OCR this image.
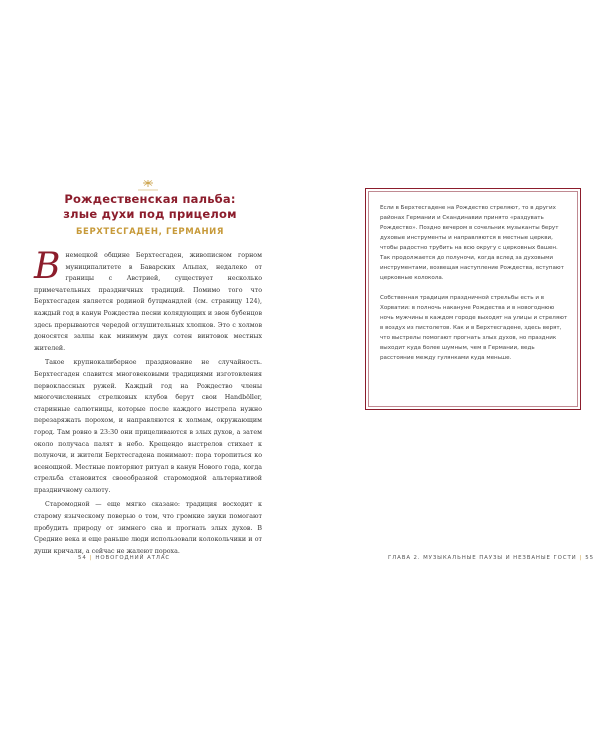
Рождественская пальба:
злые духи под прицелом
БЕРХТЕСГАДЕН, ГЕРМАНИЯ

Внемецкой общине Берхтесгаден, живописном горном муниципалитете в Баварских Альпах, недалеко от границы с Австрией, существует несколько примечательных праздничных традиций. Помимо того что Берхтесгаден является родиной бутцмандлей (см. страницу 124), каждый год в канун Рождества песни колядующих и звон бубенцов здесь прерываются чередой оглушительных хлопков. Это с холмов доносятся залпы как минимум двух сотен винтовок местных жителей.

Такое крупнокалиберное празднование не случайность. Берхтесгаден славится многовековыми традициями изготовления первоклассных ружей. Каждый год на Рождество члены многочисленных стрелковых клубов берут свои Handböller, старинные салютницы, которые после каждого выстрела нужно перезаряжать порохом, и направляются к холмам, окружающим город. Там ровно в 23:30 они прицеливаются в злых духов, а затем около получаса палят в небо. Крещендо выстрелов стихает к полуночи, и жители Берхтесгадена понимают: пора торопиться ко всенощной. Местные повторяют ритуал в канун Нового года, когда стрельба становится своеобразной старомодной альтернативой праздничному салюту.

Старомодной — еще мягко сказано: традиция восходит к старому языческому поверью о том, что громкие звуки помогают пробудить природу от зимнего сна и прогнать злых духов. В Средние века и еще раньше люди использовали колокольчики и от души кричали, а сейчас не жалеют пороха.

54 | НОВОГОДНИЙ АТЛАС

Если в Берхтесгадене на Рождество стреляют, то в других районах Германии и Скандинавии принято «раздувать Рождество». Поздно вечером в сочельник музыканты берут духовые инструменты и направляются в местные церкви, чтобы радостно трубить на всю округу с церковных башен. Так продолжается до полуночи, когда вслед за духовыми инструментами, возвещая наступление Рождества, вступают церковные колокола.

Собственная традиция праздничной стрельбы есть и в Хорватии: в полночь накануне Рождества и в новогоднюю ночь мужчины в каждом городе выходят на улицы и стреляют в воздух из пистолетов. Как и в Берхтесгадене, здесь верят, что выстрелы помогают прогнать злых духов, но праздник выходит куда более шумным, чем в Германии, ведь расстояние между гулянками куда меньше.

ГЛАВА 2. МУЗЫКАЛЬНЫЕ ПАУЗЫ И НЕЗВАНЫЕ ГОСТИ | 55
